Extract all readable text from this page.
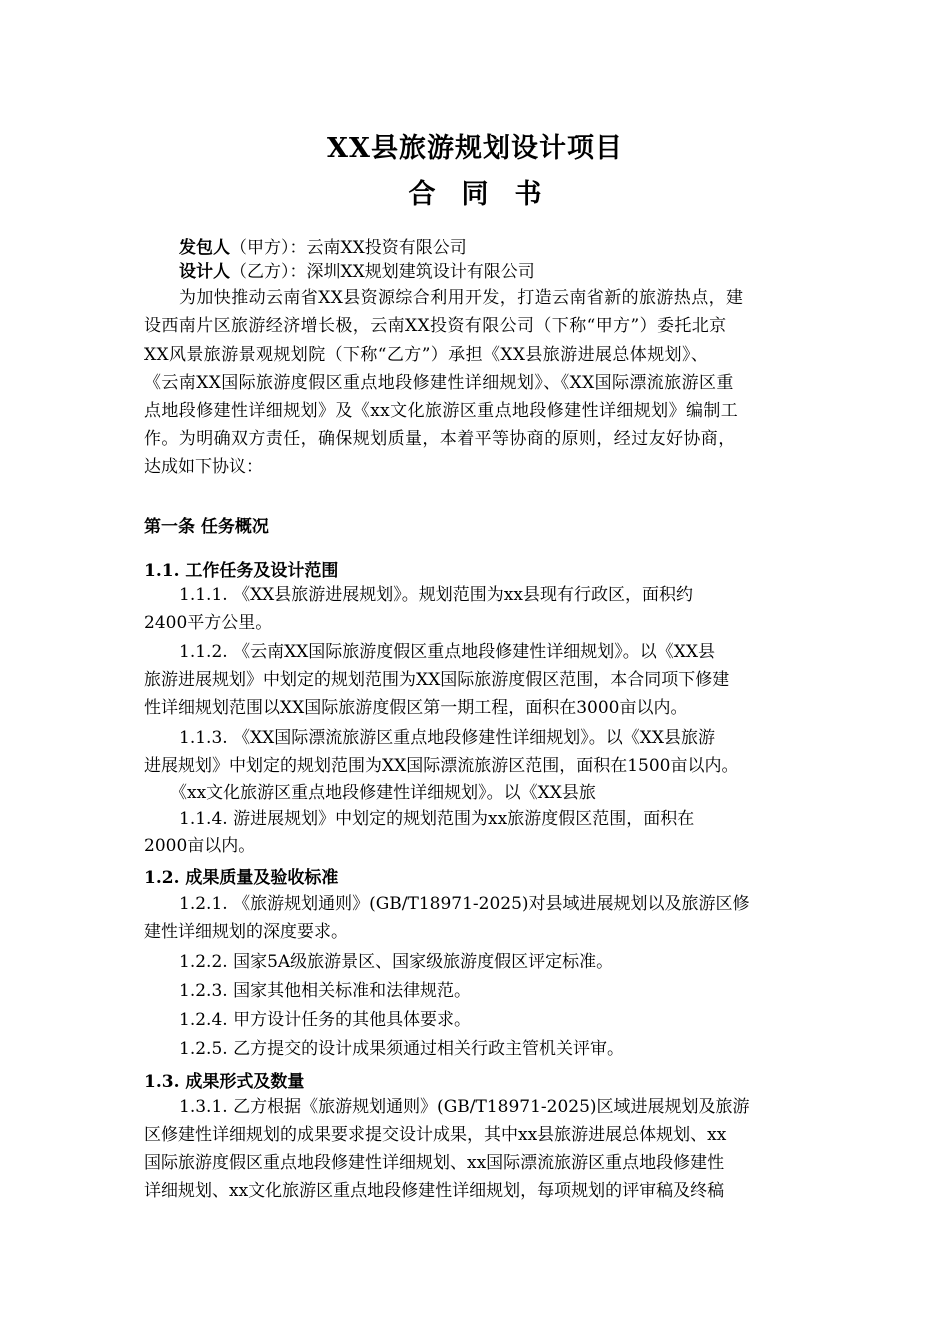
XX县旅游规划设计项目
合同书
发包人（甲方）：云南XX投资有限公司
设计人（乙方）：深圳XX规划建筑设计有限公司
为加快推动云南省XX县资源综合利用开发，打造云南省新的旅游热点，建
设西南片区旅游经济增长极，云南XX投资有限公司（下称“甲方”）委托北京
XX风景旅游景观规划院（下称“乙方”）承担《XX县旅游进展总体规划》、
《云南XX国际旅游度假区重点地段修建性详细规划》、《XX国际漂流旅游区重
点地段修建性详细规划》及《xx文化旅游区重点地段修建性详细规划》编制工
作。为明确双方责任，确保规划质量，本着平等协商的原则，经过友好协商，
达成如下协议：
第一条 任务概况
1.1. 工作任务及设计范围
1.1.1. 《XX县旅游进展规划》。规划范围为xx县现有行政区，面积约
2400平方公里。
1.1.2. 《云南XX国际旅游度假区重点地段修建性详细规划》。以《XX县
旅游进展规划》中划定的规划范围为XX国际旅游度假区范围，本合同项下修建
性详细规划范围以XX国际旅游度假区第一期工程，面积在3000亩以内。
1.1.3. 《XX国际漂流旅游区重点地段修建性详细规划》。以《XX县旅游
进展规划》中划定的规划范围为XX国际漂流旅游区范围，面积在1500亩以内。
《xx文化旅游区重点地段修建性详细规划》。以《XX县旅
1.1.4. 游进展规划》中划定的规划范围为xx旅游度假区范围，面积在
2000亩以内。
1.2. 成果质量及验收标准
1.2.1. 《旅游规划通则》(GB/T18971-2025)对县域进展规划以及旅游区修
建性详细规划的深度要求。
1.2.2. 国家5A级旅游景区、国家级旅游度假区评定标准。
1.2.3. 国家其他相关标准和法律规范。
1.2.4. 甲方设计任务的其他具体要求。
1.2.5. 乙方提交的设计成果须通过相关行政主管机关评审。
1.3. 成果形式及数量
1.3.1. 乙方根据《旅游规划通则》(GB/T18971-2025)区域进展规划及旅游
区修建性详细规划的成果要求提交设计成果，其中xx县旅游进展总体规划、xx
国际旅游度假区重点地段修建性详细规划、xx国际漂流旅游区重点地段修建性
详细规划、xx文化旅游区重点地段修建性详细规划，每项规划的评审稿及终稿
